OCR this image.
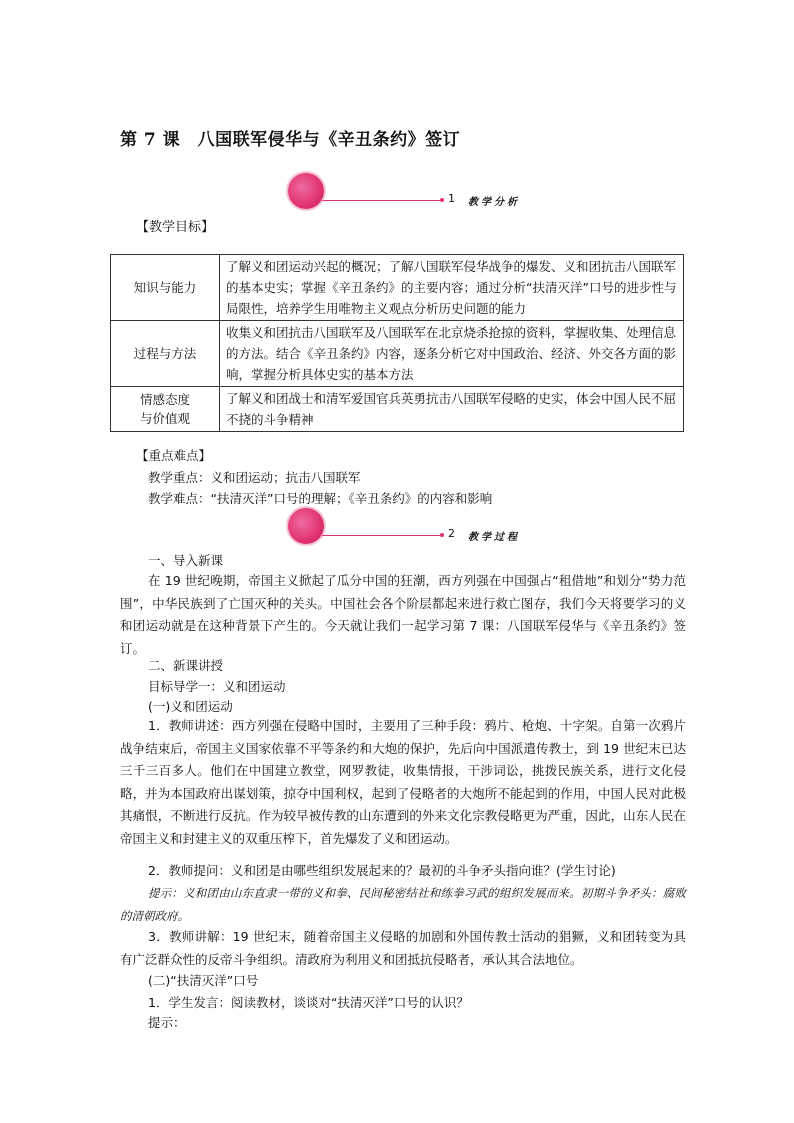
第 7 课　八国联军侵华与《辛丑条约》签订
1 教学分析
【教学目标】
知识与能力	了解义和团运动兴起的概况；了解八国联军侵华战争的爆发、义和团抗击八国联军的基本史实；掌握《辛丑条约》的主要内容；通过分析“扶清灭洋”口号的进步性与局限性，培养学生用唯物主义观点分析历史问题的能力
过程与方法	收集义和团抗击八国联军及八国联军在北京烧杀抢掠的资料，掌握收集、处理信息的方法。结合《辛丑条约》内容，逐条分析它对中国政治、经济、外交各方面的影响，掌握分析具体史实的基本方法

情感态度
与价值观	了解义和团战士和清军爱国官兵英勇抗击八国联军侵略的史实，体会中国人民不屈不挠的斗争精神
【重点难点】
教学重点：义和团运动；抗击八国联军
教学难点：“扶清灭洋”口号的理解；《辛丑条约》的内容和影响
2 教学过程
一、导入新课
在 19 世纪晚期，帝国主义掀起了瓜分中国的狂潮，西方列强在中国强占“租借地”和划分“势力范围”，中华民族到了亡国灭种的关头。中国社会各个阶层都起来进行救亡图存，我们今天将要学习的义和团运动就是在这种背景下产生的。今天就让我们一起学习第 7 课：八国联军侵华与《辛丑条约》签订。
二、新课讲授
目标导学一：义和团运动
(一)义和团运动
1．教师讲述：西方列强在侵略中国时，主要用了三种手段：鸦片、枪炮、十字架。自第一次鸦片战争结束后，帝国主义国家依靠不平等条约和大炮的保护，先后向中国派遣传教士，到 19 世纪末已达三千三百多人。他们在中国建立教堂，网罗教徒，收集情报，干涉词讼，挑拨民族关系，进行文化侵略，并为本国政府出谋划策，掠夺中国利权，起到了侵略者的大炮所不能起到的作用，中国人民对此极其痛恨，不断进行反抗。作为较早被传教的山东遭到的外来文化宗教侵略更为严重，因此，山东人民在帝国主义和封建主义的双重压榨下，首先爆发了义和团运动。
2．教师提问：义和团是由哪些组织发展起来的？最初的斗争矛头指向谁？(学生讨论)
提示：义和团由山东直隶一带的义和拳、民间秘密结社和练拳习武的组织发展而来。初期斗争矛头：腐败的清朝政府。
3．教师讲解：19 世纪末，随着帝国主义侵略的加剧和外国传教士活动的猖獗，义和团转变为具有广泛群众性的反帝斗争组织。清政府为利用义和团抵抗侵略者，承认其合法地位。
(二)“扶清灭洋”口号
1．学生发言：阅读教材，谈谈对“扶清灭洋”口号的认识？
提示：
